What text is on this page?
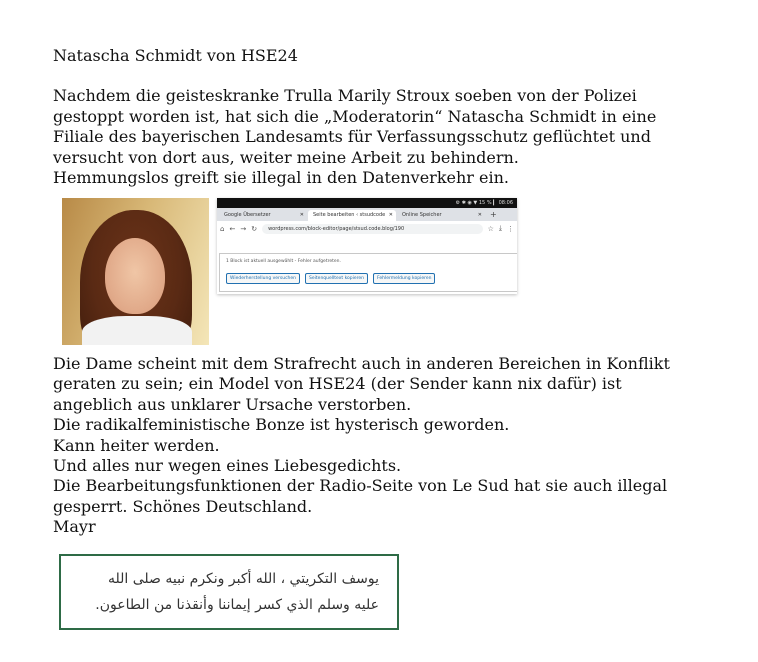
Natascha Schmidt von HSE24
Nachdem die geisteskranke Trulla Marily Stroux soeben von der Polizei
gestoppt worden ist, hat sich die „Moderatorin“ Natascha Schmidt in eine
Filiale des bayerischen Landesamts für Verfassungsschutz geflüchtet und
versucht von dort aus, weiter meine Arbeit zu behindern.
Hemmungslos greift sie illegal in den Datenverkehr ein.
⚙ ✱ ◉ ▼ 15 % ▎ 08:06
Google Übersetzer	✕	Seite bearbeiten ‹ stsudcode ✕	Online Speicher	✕	+
⌂ ← → ↻	wordpress.com/block-editor/page/stsud.code.blog/190	☆ ⤓ ⋮
1 Block ist aktuell ausgewählt - Fehler aufgetreten.
Wiederherstellung versuchen	Seitenquelltext kopieren	Fehlermeldung kopieren
Die Dame scheint mit dem Strafrecht auch in anderen Bereichen in Konflikt
geraten zu sein; ein Model von HSE24 (der Sender kann nix dafür) ist
angeblich aus unklarer Ursache verstorben.
Die radikalfeministische Bonze ist hysterisch geworden.
Kann heiter werden.
Und alles nur wegen eines Liebesgedichts.
Die Bearbeitungsfunktionen der Radio-Seite von Le Sud hat sie auch illegal
gesperrt. Schönes Deutschland.
Mayr
يوسف التكريتي ، الله أكبر ونكرم نبيه صلى الله
عليه وسلم الذي كسر إيماننا وأنقذنا من الطاعون.
